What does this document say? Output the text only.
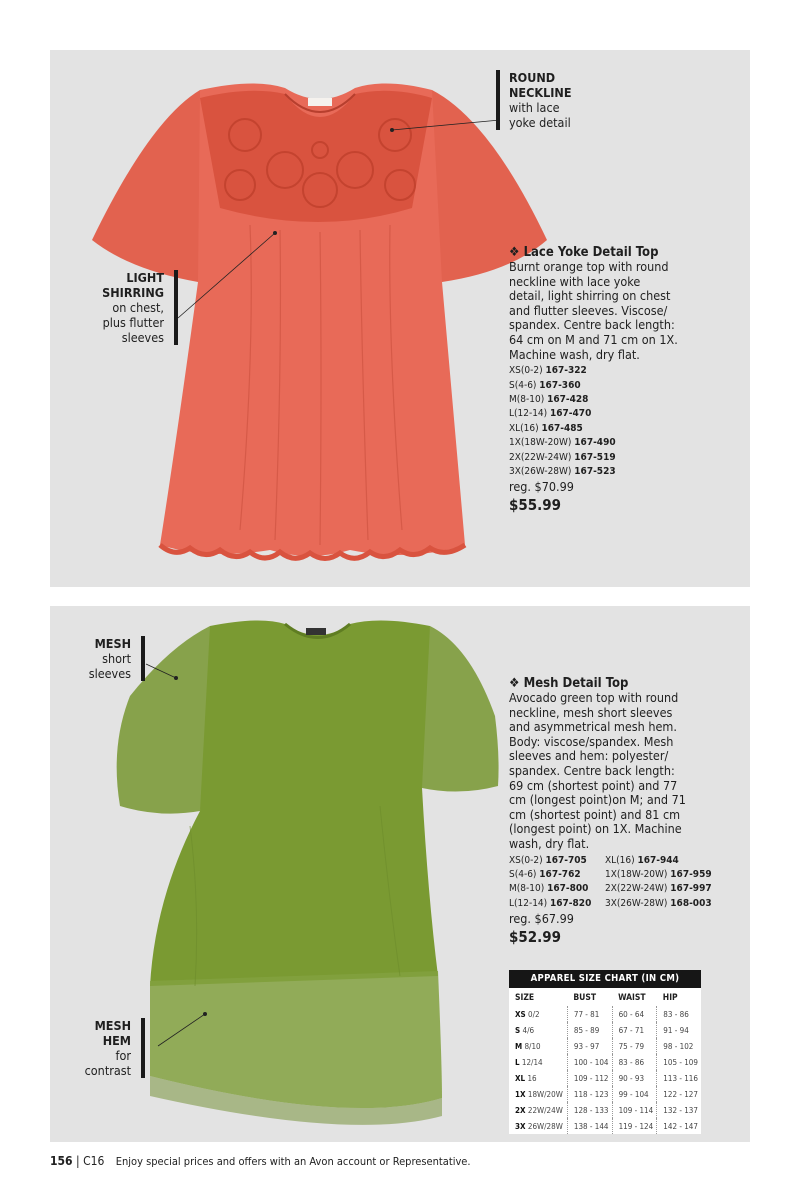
ROUND
NECKLINE
with lace
yoke detail
LIGHT
SHIRRING
on chest,
plus flutter
sleeves
❖ Lace Yoke Detail Top
Burnt orange top with round
neckline with lace yoke
detail, light shirring on chest
and flutter sleeves. Viscose/
spandex. Centre back length:
64 cm on M and 71 cm on 1X.
Machine wash, dry flat.
XS(0-2) 167-322
S(4-6) 167-360
M(8-10) 167-428
L(12-14) 167-470
XL(16) 167-485
1X(18W-20W) 167-490
2X(22W-24W) 167-519
3X(26W-28W) 167-523
reg. $70.99
$55.99
MESH
short
sleeves
MESH
HEM
for
contrast
❖ Mesh Detail Top
Avocado green top with round
neckline, mesh short sleeves
and asymmetrical mesh hem.
Body: viscose/spandex. Mesh
sleeves and hem: polyester/
spandex. Centre back length:
69 cm (shortest point) and 77
cm (longest point)on M; and 71
cm (shortest point) and 81 cm
(longest point) on 1X. Machine
wash, dry flat.
XS(0-2) 167-705
S(4-6) 167-762
M(8-10) 167-800
L(12-14) 167-820
XL(16) 167-944
1X(18W-20W) 167-959
2X(22W-24W) 167-997
3X(26W-28W) 168-003
reg. $67.99
$52.99
APPAREL SIZE CHART (IN CM)
SIZE	BUST	WAIST	HIP
XS 0/2	77 - 81	60 - 64	83 - 86
S 4/6	85 - 89	67 - 71	91 - 94
M 8/10	93 - 97	75 - 79	98 - 102
L 12/14	100 - 104	83 - 86	105 - 109
XL 16	109 - 112	90 - 93	113 - 116
1X 18W/20W	118 - 123	99 - 104	122 - 127
2X 22W/24W	128 - 133	109 - 114	132 - 137
3X 26W/28W	138 - 144	119 - 124	142 - 147
156 | C16 Enjoy special prices and offers with an Avon account or Representative.
